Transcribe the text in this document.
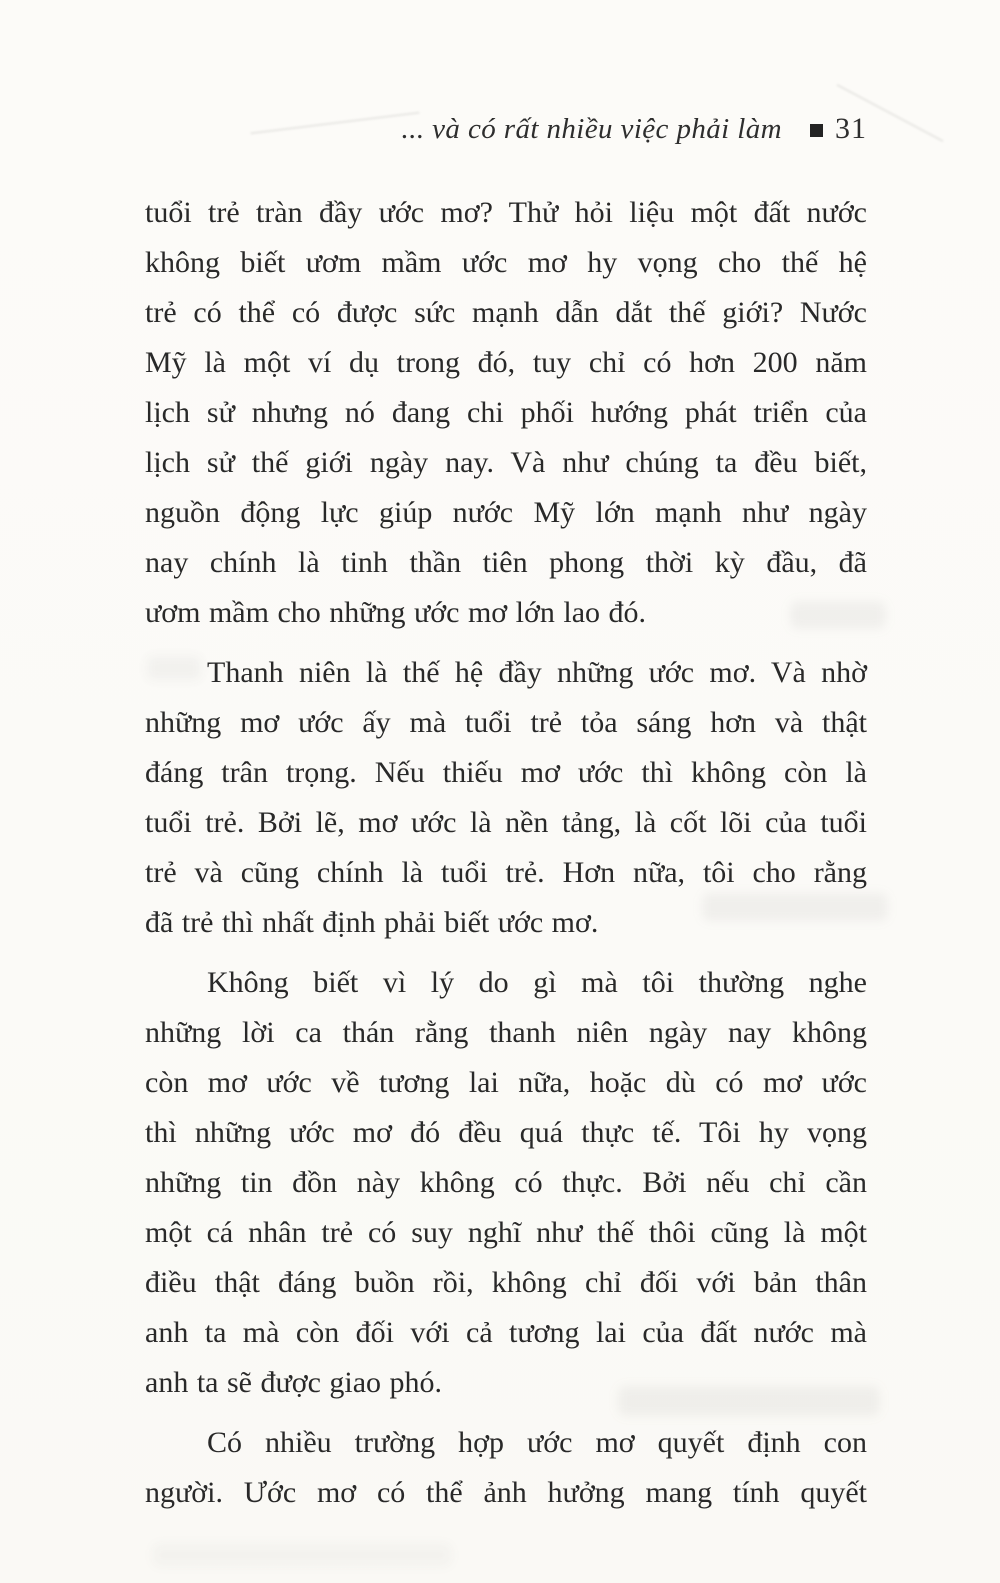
... và có rất nhiều việc phải làm 31
tuổi trẻ tràn đầy ước mơ? Thử hỏi liệu một đất nước
không biết ươm mầm ước mơ hy vọng cho thế hệ
trẻ có thể có được sức mạnh dẫn dắt thế giới? Nước
Mỹ là một ví dụ trong đó, tuy chỉ có hơn 200 năm
lịch sử nhưng nó đang chi phối hướng phát triển của
lịch sử thế giới ngày nay. Và như chúng ta đều biết,
nguồn động lực giúp nước Mỹ lớn mạnh như ngày
nay chính là tinh thần tiên phong thời kỳ đầu, đã
ươm mầm cho những ước mơ lớn lao đó.
Thanh niên là thế hệ đầy những ước mơ. Và nhờ
những mơ ước ấy mà tuổi trẻ tỏa sáng hơn và thật
đáng trân trọng. Nếu thiếu mơ ước thì không còn là
tuổi trẻ. Bởi lẽ, mơ ước là nền tảng, là cốt lõi của tuổi
trẻ và cũng chính là tuổi trẻ. Hơn nữa, tôi cho rằng
đã trẻ thì nhất định phải biết ước mơ.
Không biết vì lý do gì mà tôi thường nghe
những lời ca thán rằng thanh niên ngày nay không
còn mơ ước về tương lai nữa, hoặc dù có mơ ước
thì những ước mơ đó đều quá thực tế. Tôi hy vọng
những tin đồn này không có thực. Bởi nếu chỉ cần
một cá nhân trẻ có suy nghĩ như thế thôi cũng là một
điều thật đáng buồn rồi, không chỉ đối với bản thân
anh ta mà còn đối với cả tương lai của đất nước mà
anh ta sẽ được giao phó.
Có nhiều trường hợp ước mơ quyết định con
người. Ước mơ có thể ảnh hưởng mang tính quyết
